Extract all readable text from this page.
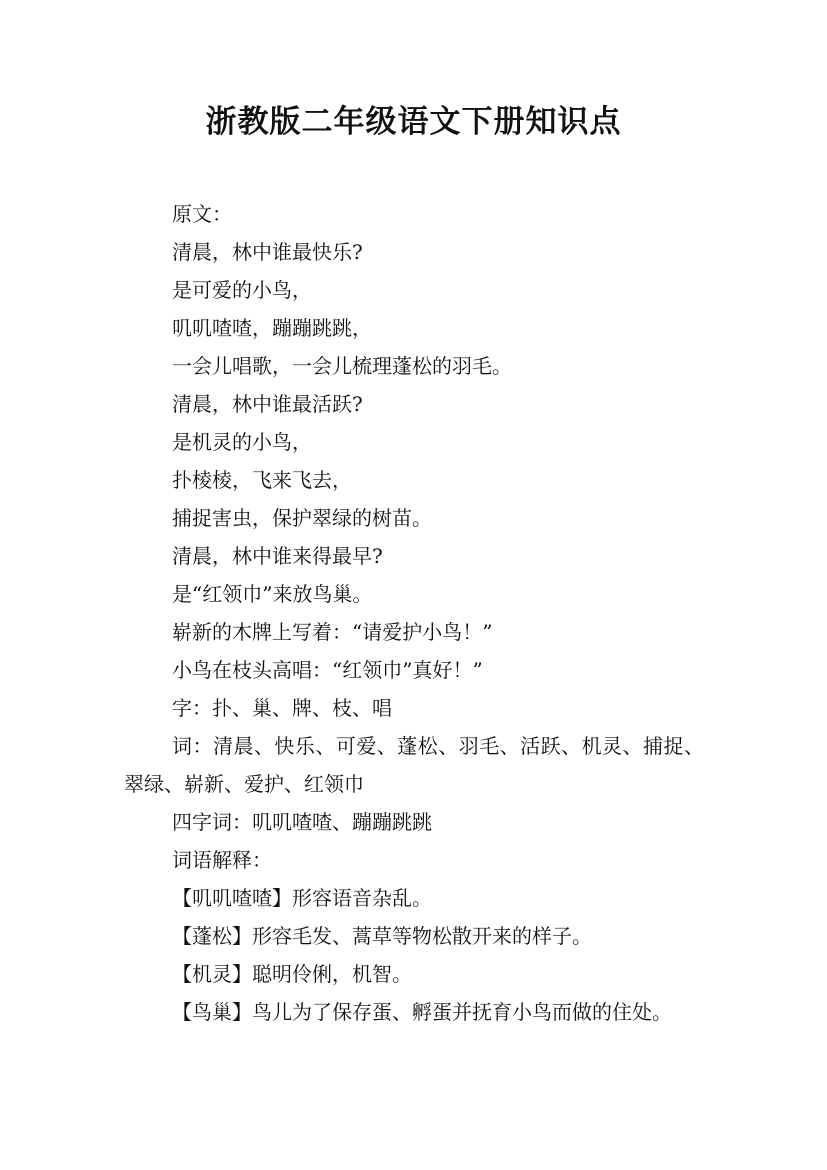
浙教版二年级语文下册知识点
原文：
清晨，林中谁最快乐?
是可爱的小鸟，
叽叽喳喳，蹦蹦跳跳，
一会儿唱歌，一会儿梳理蓬松的羽毛。
清晨，林中谁最活跃?
是机灵的小鸟，
扑棱棱，飞来飞去，
捕捉害虫，保护翠绿的树苗。
清晨，林中谁来得最早?
是“红领巾”来放鸟巢。
崭新的木牌上写着：“请爱护小鸟！”
小鸟在枝头高唱：“红领巾”真好！”
字：扑、巢、牌、枝、唱
词：清晨、快乐、可爱、蓬松、羽毛、活跃、机灵、捕捉、翠绿、崭新、爱护、红领巾
四字词：叽叽喳喳、蹦蹦跳跳
词语解释：
【叽叽喳喳】形容语音杂乱。
【蓬松】形容毛发、蒿草等物松散开来的样子。
【机灵】聪明伶俐，机智。
【鸟巢】鸟儿为了保存蛋、孵蛋并抚育小鸟而做的住处。
